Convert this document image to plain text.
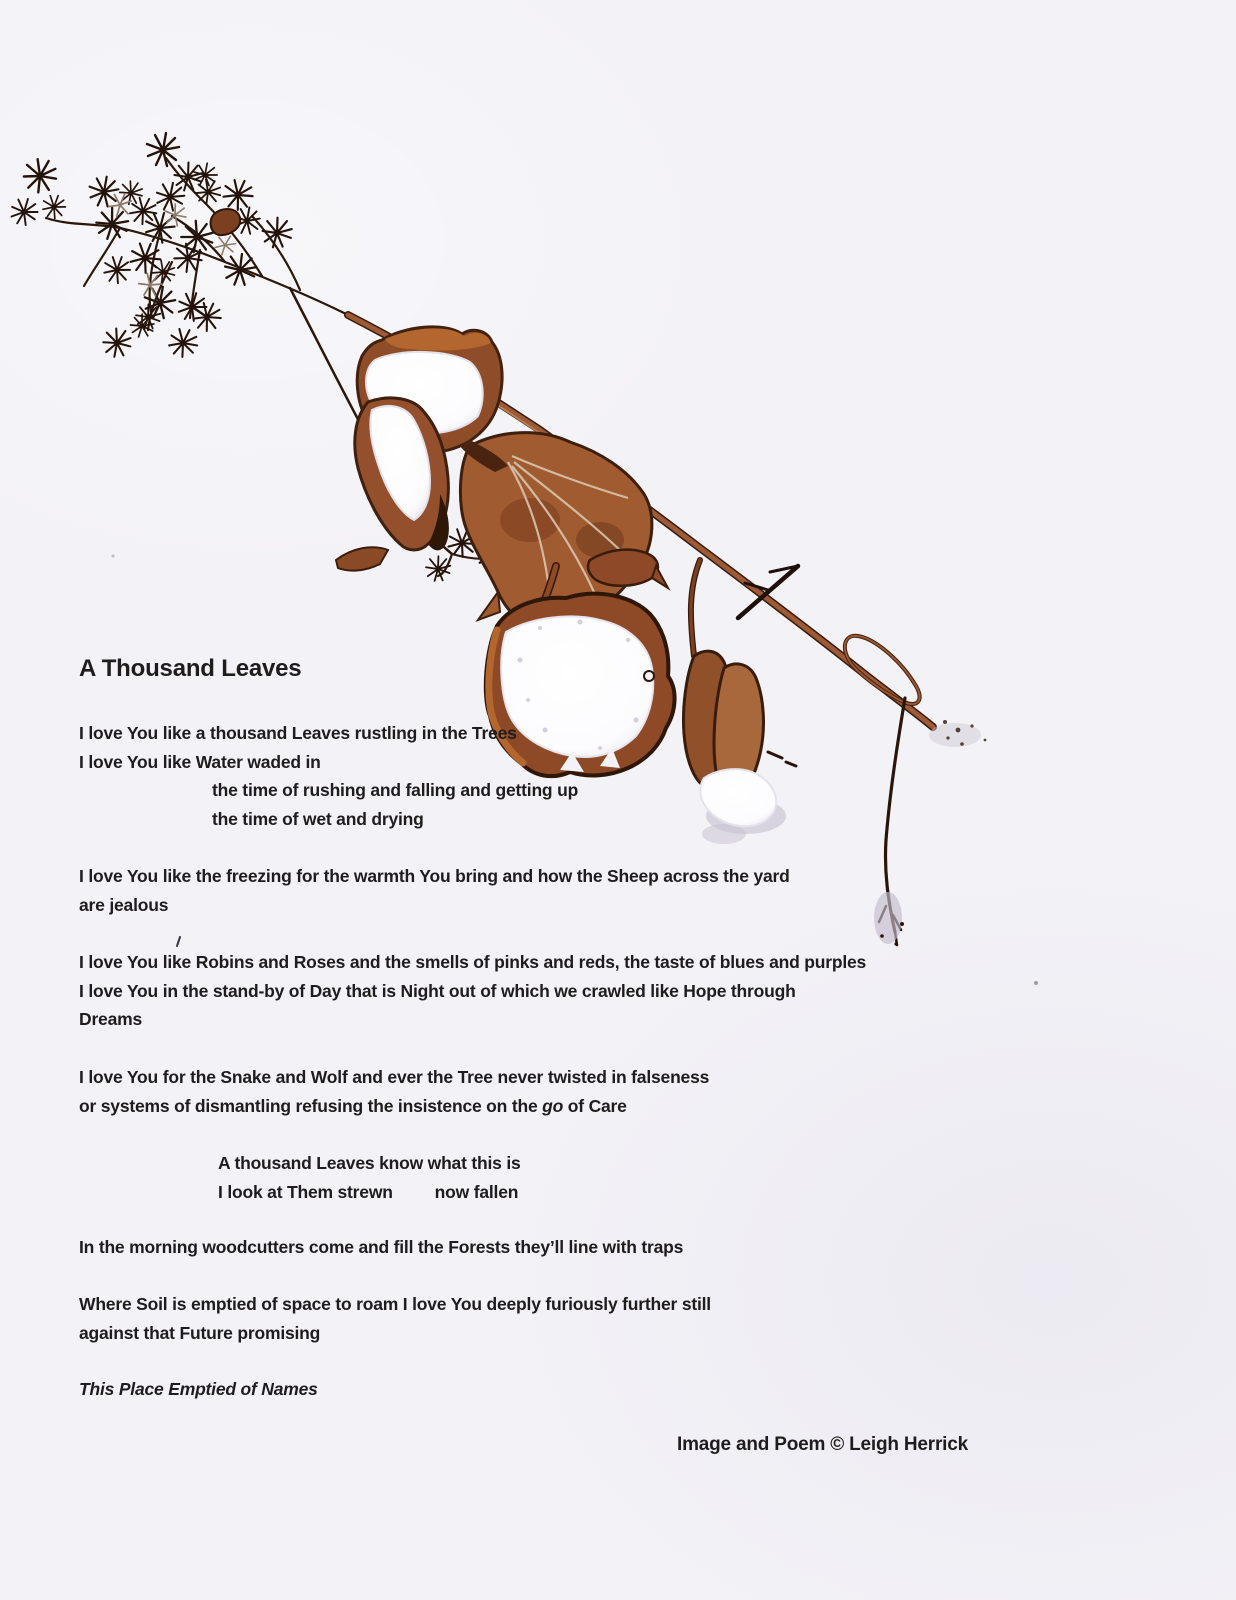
A Thousand Leaves
I love You like a thousand Leaves rustling in the Trees
I love You like Water waded in
the time of rushing and falling and getting up
the time of wet and drying
I love You like the freezing for the warmth You bring and how the Sheep across the yard
are jealous
I love You like Robins and Roses and the smells of pinks and reds, the taste of blues and purples
I love You in the stand-by of Day that is Night out of which we crawled like Hope through
Dreams
I love You for the Snake and Wolf and ever the Tree never twisted in falseness
or systems of dismantling refusing the insistence on the go of Care
A thousand Leaves know what this is
I look at Them strewn         now fallen
In the morning woodcutters come and fill the Forests they’ll line with traps
Where Soil is emptied of space to roam I love You deeply furiously further still
against that Future promising
This Place Emptied of Names
Image and Poem © Leigh Herrick
